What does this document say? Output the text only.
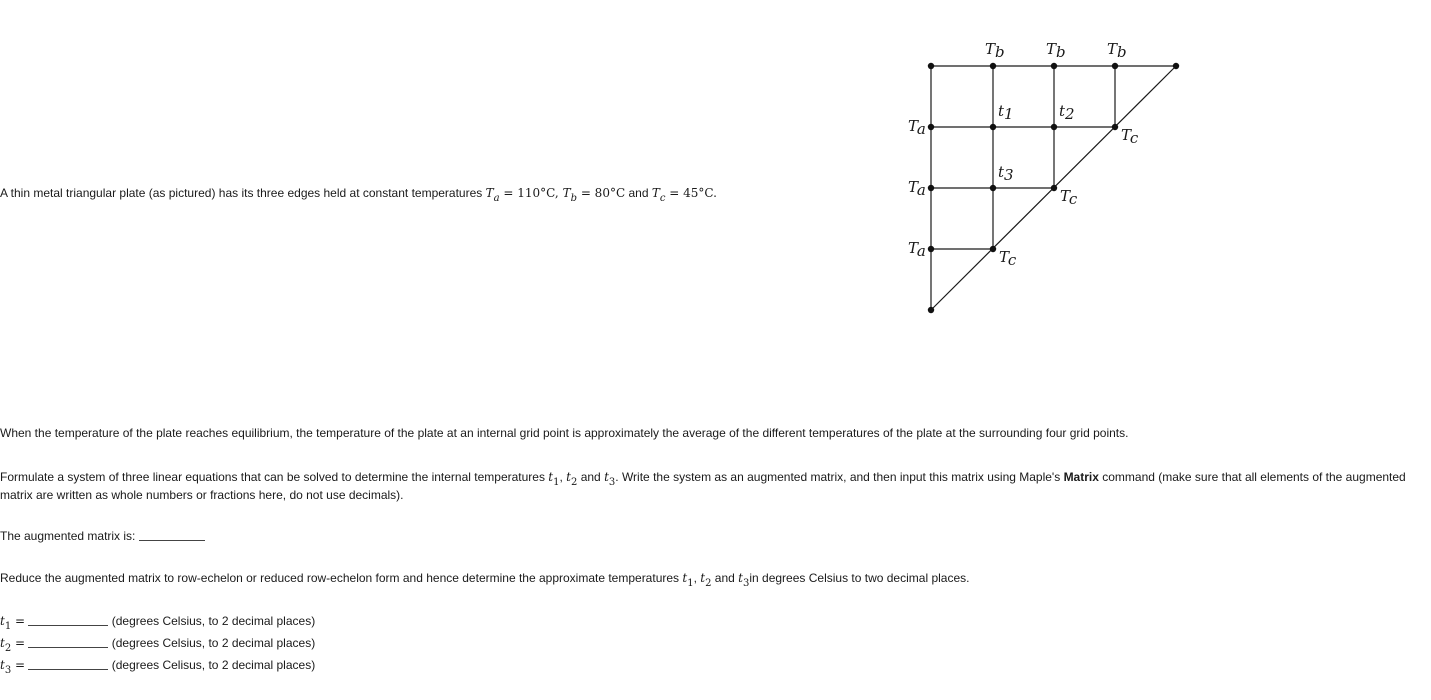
A thin metal triangular plate (as pictured) has its three edges held at constant temperatures $T_a = 110^\circ C$, $T_b = 80^\circ C$ and $T_c = 45^\circ C$.
Tb	Tb	Tb
Ta
Ta
Ta
Tc
Tc
Tc
t1	t2
t3
When the temperature of the plate reaches equilibrium, the temperature of the plate at an internal grid point is approximately the average of the different temperatures of the plate at the surrounding four grid points.
Formulate a system of three linear equations that can be solved to determine the internal temperatures $t_1$, $t_2$ and $t_3$. Write the system as an augmented matrix, and then input this matrix using Maple's Matrix command (make sure that all elements of the augmented matrix are written as whole numbers or fractions here, do not use decimals).
The augmented matrix is:
Reduce the augmented matrix to row-echelon or reduced row-echelon form and hence determine the approximate temperatures $t_1$, $t_2$ and $t_3in$ degrees Celsius to two decimal places.
$t_1$ =	(degrees Celsius, to 2 decimal places)
$t_2$ =	(degrees Celsius, to 2 decimal places)
$t_3$ =	(degrees Celisus, to 2 decimal places)
